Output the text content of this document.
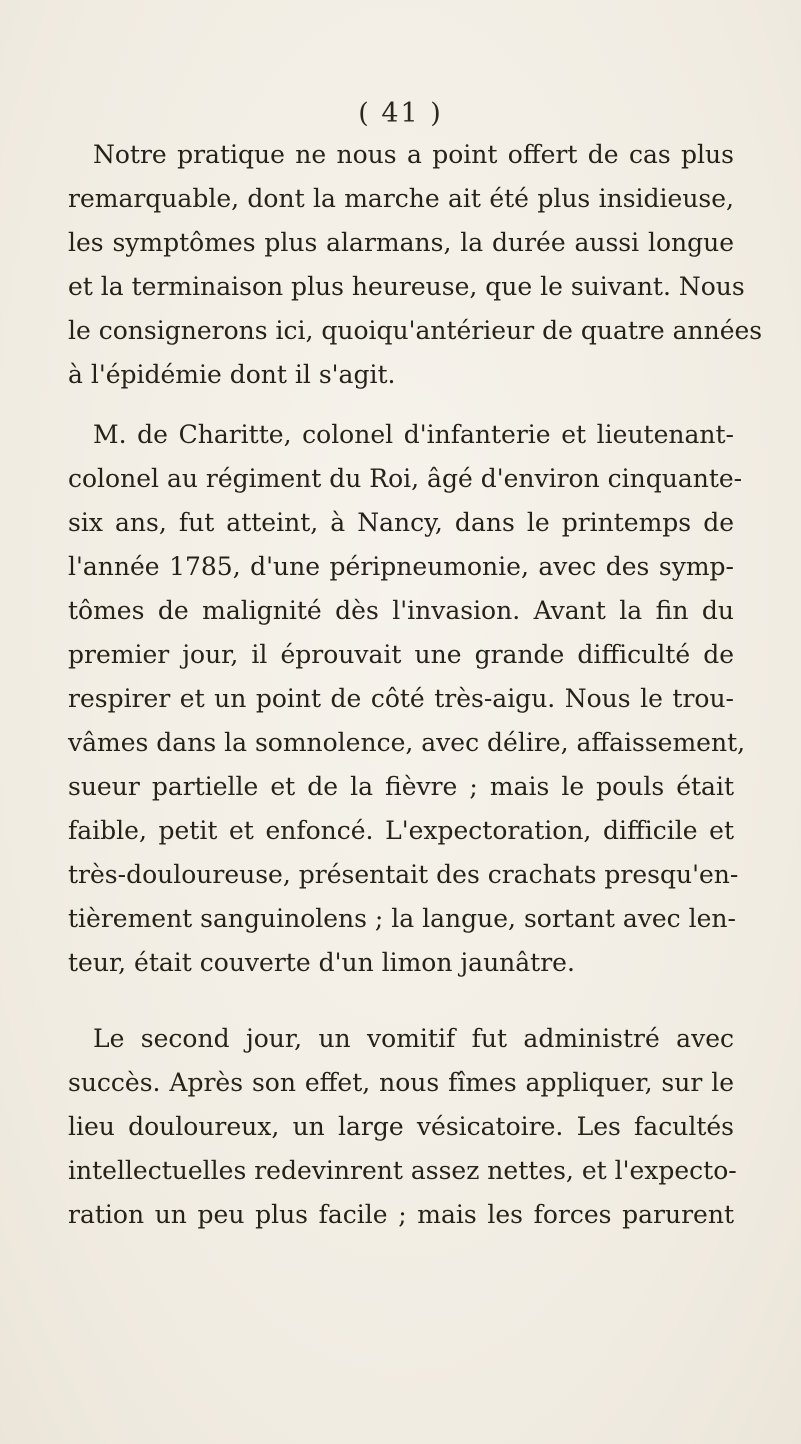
( 41 )
Notre pratique ne nous a point offert de cas plus
remarquable, dont la marche ait été plus insidieuse,
les symptômes plus alarmans, la durée aussi longue
et la terminaison plus heureuse, que le suivant. Nous
le consignerons ici, quoiqu'antérieur de quatre années
à l'épidémie dont il s'agit.
M. de Charitte, colonel d'infanterie et lieutenant-
colonel au régiment du Roi, âgé d'environ cinquante-
six ans, fut atteint, à Nancy, dans le printemps de
l'année 1785, d'une péripneumonie, avec des symp-
tômes de malignité dès l'invasion. Avant la fin du
premier jour, il éprouvait une grande difficulté de
respirer et un point de côté très-aigu. Nous le trou-
vâmes dans la somnolence, avec délire, affaissement,
sueur partielle et de la fièvre ; mais le pouls était
faible, petit et enfoncé. L'expectoration, difficile et
très-douloureuse, présentait des crachats presqu'en-
tièrement sanguinolens ; la langue, sortant avec len-
teur, était couverte d'un limon jaunâtre.
Le second jour, un vomitif fut administré avec
succès. Après son effet, nous fîmes appliquer, sur le
lieu douloureux, un large vésicatoire. Les facultés
intellectuelles redevinrent assez nettes, et l'expecto-
ration un peu plus facile ; mais les forces parurent
